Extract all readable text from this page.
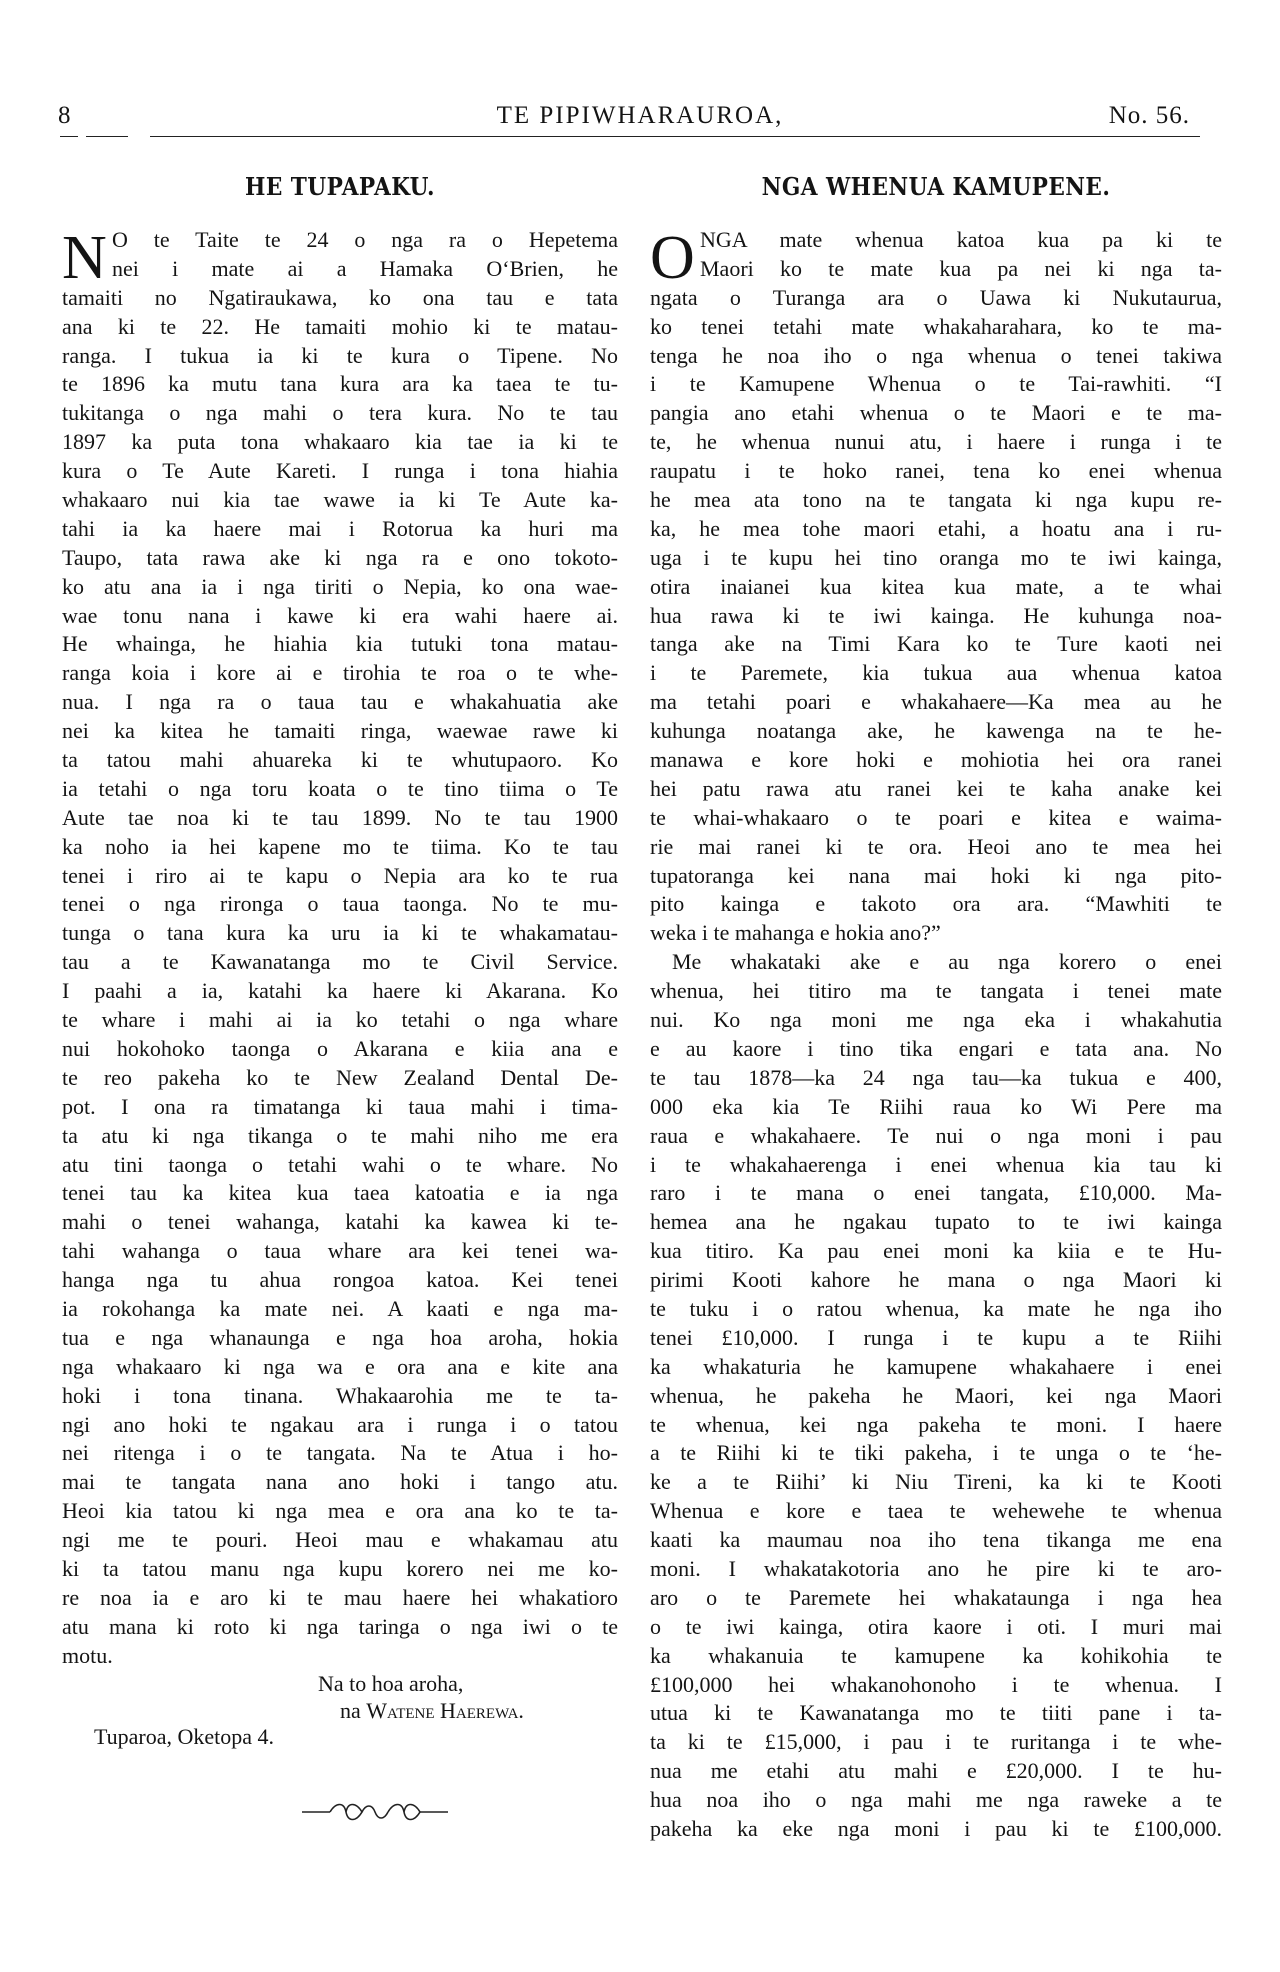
8	TE PIPIWHARAUROA,	No. 56.
HE TUPAPAKU.	NGA WHENUA KAMUPENE.
N O te Taite te 24 o nga ra o Hepetema
nei i mate ai a Hamaka O‘Brien, he
tamaiti no Ngatiraukawa, ko ona tau e tata
ana ki te 22. He tamaiti mohio ki te matau-
ranga. I tukua ia ki te kura o Tipene. No
te 1896 ka mutu tana kura ara ka taea te tu-
tukitanga o nga mahi o tera kura. No te tau
1897 ka puta tona whakaaro kia tae ia ki te
kura o Te Aute Kareti. I runga i tona hiahia
whakaaro nui kia tae wawe ia ki Te Aute ka-
tahi ia ka haere mai i Rotorua ka huri ma
Taupo, tata rawa ake ki nga ra e ono tokoto-
ko atu ana ia i nga tiriti o Nepia, ko ona wae-
wae tonu nana i kawe ki era wahi haere ai.
He whainga, he hiahia kia tutuki tona matau-
ranga koia i kore ai e tirohia te roa o te whe-
nua. I nga ra o taua tau e whakahuatia ake
nei ka kitea he tamaiti ringa, waewae rawe ki
ta tatou mahi ahuareka ki te whutupaoro. Ko
ia tetahi o nga toru koata o te tino tiima o Te
Aute tae noa ki te tau 1899. No te tau 1900
ka noho ia hei kapene mo te tiima. Ko te tau
tenei i riro ai te kapu o Nepia ara ko te rua
tenei o nga rironga o taua taonga. No te mu-
tunga o tana kura ka uru ia ki te whakamatau-
tau a te Kawanatanga mo te Civil Service.
I paahi a ia, katahi ka haere ki Akarana. Ko
te whare i mahi ai ia ko tetahi o nga whare
nui hokohoko taonga o Akarana e kiia ana e
te reo pakeha ko te New Zealand Dental De-
pot. I ona ra timatanga ki taua mahi i tima-
ta atu ki nga tikanga o te mahi niho me era
atu tini taonga o tetahi wahi o te whare. No
tenei tau ka kitea kua taea katoatia e ia nga
mahi o tenei wahanga, katahi ka kawea ki te-
tahi wahanga o taua whare ara kei tenei wa-
hanga nga tu ahua rongoa katoa. Kei tenei
ia rokohanga ka mate nei. A kaati e nga ma-
tua e nga whanaunga e nga hoa aroha, hokia
nga whakaaro ki nga wa e ora ana e kite ana
hoki i tona tinana. Whakaarohia me te ta-
ngi ano hoki te ngakau ara i runga i o tatou
nei ritenga i o te tangata. Na te Atua i ho-
mai te tangata nana ano hoki i tango atu.
Heoi kia tatou ki nga mea e ora ana ko te ta-
ngi me te pouri. Heoi mau e whakamau atu
ki ta tatou manu nga kupu korero nei me ko-
re noa ia e aro ki te mau haere hei whakatioro
atu mana ki roto ki nga taringa o nga iwi o te
motu.
O NGA mate whenua katoa kua pa ki te
Maori ko te mate kua pa nei ki nga ta-
ngata o Turanga ara o Uawa ki Nukutaurua,
ko tenei tetahi mate whakaharahara, ko te ma-
tenga he noa iho o nga whenua o tenei takiwa
i te Kamupene Whenua o te Tai-rawhiti. “I
pangia ano etahi whenua o te Maori e te ma-
te, he whenua nunui atu, i haere i runga i te
raupatu i te hoko ranei, tena ko enei whenua
he mea ata tono na te tangata ki nga kupu re-
ka, he mea tohe maori etahi, a hoatu ana i ru-
uga i te kupu hei tino oranga mo te iwi kainga,
otira inaianei kua kitea kua mate, a te whai
hua rawa ki te iwi kainga. He kuhunga noa-
tanga ake na Timi Kara ko te Ture kaoti nei
i te Paremete, kia tukua aua whenua katoa
ma tetahi poari e whakahaere—Ka mea au he
kuhunga noatanga ake, he kawenga na te he-
manawa e kore hoki e mohiotia hei ora ranei
hei patu rawa atu ranei kei te kaha anake kei
te whai-whakaaro o te poari e kitea e waima-
rie mai ranei ki te ora. Heoi ano te mea hei
tupatoranga kei nana mai hoki ki nga pito-
pito kainga e takoto ora ara. “Mawhiti te
weka i te mahanga e hokia ano?”
Me whakataki ake e au nga korero o enei
whenua, hei titiro ma te tangata i tenei mate
nui. Ko nga moni me nga eka i whakahutia
e au kaore i tino tika engari e tata ana. No
te tau 1878—ka 24 nga tau—ka tukua e 400,
000 eka kia Te Riihi raua ko Wi Pere ma
raua e whakahaere. Te nui o nga moni i pau
i te whakahaerenga i enei whenua kia tau ki
raro i te mana o enei tangata, £10,000. Ma-
hemea ana he ngakau tupato to te iwi kainga
kua titiro. Ka pau enei moni ka kiia e te Hu-
pirimi Kooti kahore he mana o nga Maori ki
te tuku i o ratou whenua, ka mate he nga iho
tenei £10,000. I runga i te kupu a te Riihi
ka whakaturia he kamupene whakahaere i enei
whenua, he pakeha he Maori, kei nga Maori
te whenua, kei nga pakeha te moni. I haere
a te Riihi ki te tiki pakeha, i te unga o te ‘he-
ke a te Riihi’ ki Niu Tireni, ka ki te Kooti
Whenua e kore e taea te wehewehe te whenua
kaati ka maumau noa iho tena tikanga me ena
moni. I whakatakotoria ano he pire ki te aro-
aro o te Paremete hei whakataunga i nga hea
o te iwi kainga, otira kaore i oti. I muri mai
ka whakanuia te kamupene ka kohikohia te
£100,000 hei whakanohonoho i te whenua. I
utua ki te Kawanatanga mo te tiiti pane i ta-
ta ki te £15,000, i pau i te ruritanga i te whe-
nua me etahi atu mahi e £20,000. I te hu-
hua noa iho o nga mahi me nga raweke a te
pakeha ka eke nga moni i pau ki te £100,000.
Na to hoa aroha,
na Watene Haerewa.
Tuparoa, Oketopa 4.
